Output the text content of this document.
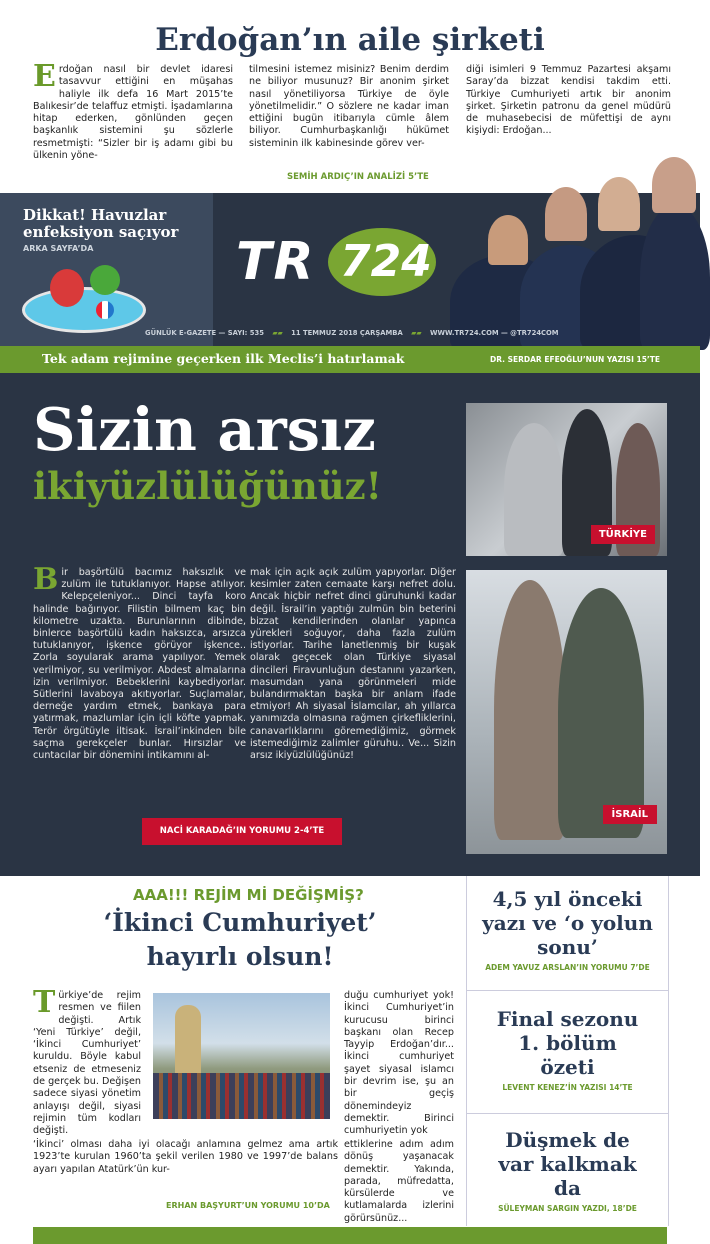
Erdoğan’ın aile şirketi
Erdoğan nasıl bir devlet idaresi tasavvur ettiğini en müşahas haliyle ilk defa 16 Mart 2015’te Balıkesir’de telaffuz etmişti. İşadamlarına hitap ederken, gönlünden geçen başkanlık sistemini şu sözlerle resmetmişti: “Sizler bir iş adamı gibi bu ülkenin yöne-
tilmesini istemez misiniz? Benim derdim ne biliyor musunuz? Bir anonim şirket nasıl yönetiliyorsa Türkiye de öyle yönetilmelidir.” O sözlere ne kadar iman ettiğini bugün itibarıyla cümle âlem biliyor. Cumhurbaşkanlığı hükümet sisteminin ilk kabinesinde görev ver-
diği isimleri 9 Temmuz Pazartesi akşamı Saray’da bizzat kendisi takdim etti. Türkiye Cumhuriyeti artık bir anonim şirket. Şirketin patronu da genel müdürü de muhasebecisi de müfettişi de aynı kişiydi: Erdoğan...
SEMİH ARDIÇ’IN ANALİZİ 5’TE
Dikkat! Havuzlar enfeksiyon saçıyor
ARKA SAYFA’DA	TR 724
GÜNLÜK E-GAZETE — SAYI: 535 ▰▰ 11 TEMMUZ 2018 ÇARŞAMBA ▰▰ WWW.TR724.COM — @TR724COM
Tek adam rejimine geçerken ilk Meclis’i hatırlamak	DR. SERDAR EFEOĞLU’NUN YAZISI 15’TE
Sizin arsız
ikiyüzlülüğünüz!
Bir başörtülü bacımız haksızlık ve zulüm ile tutuklanıyor. Hapse atılıyor. Kelepçeleniyor... Dinci tayfa koro halinde bağırıyor. Filistin bilmem kaç bin kilometre uzakta. Burunlarının dibinde, binlerce başörtülü kadın haksızca, arsızca tutuklanıyor, işkence görüyor işkence.. Zorla soyularak arama yapılıyor. Yemek verilmiyor, su verilmiyor. Abdest almalarına izin verilmiyor. Bebeklerini kaybediyorlar. Sütlerini lavaboya akıtıyorlar. Suçlamalar, derneğe yardım etmek, bankaya para yatırmak, mazlumlar için içli köfte yapmak. Terör örgütüyle iltisak. İsrail’inkinden bile saçma gerekçeler bunlar. Hırsızlar ve cuntacılar bir dönemini intikamını al-
mak için açık açık zulüm yapıyorlar. Diğer kesimler zaten cemaate karşı nefret dolu. Ancak hiçbir nefret dinci güruhunki kadar değil. İsrail’in yaptığı zulmün bin beterini bizzat kendilerinden olanlar yapınca yürekleri soğuyor, daha fazla zulüm istiyorlar. Tarihe lanetlenmiş bir kuşak olarak geçecek olan Türkiye siyasal dincileri Firavunluğun destanını yazarken, masumdan yana görünmeleri mide bulandırmaktan başka bir anlam ifade etmiyor! Ah siyasal İslamcılar, ah yıllarca yanımızda olmasına rağmen çirkefliklerini, canavarlıklarını göremediğimiz, görmek istemediğimiz zalimler güruhu.. Ve... Sizin arsız ikiyüzlülüğünüz!
NACİ KARADAĞ’IN YORUMU 2-4’TE
TÜRKİYE
İSRAİL
AAA!!! REJİM Mİ DEĞİŞMİŞ?
‘İkinci Cumhuriyet’
hayırlı olsun!
Türkiye’de rejim resmen ve fiilen değişti. Artık ‘Yeni Türkiye’ değil, ‘İkinci Cumhuriyet’ kuruldu. Böyle kabul etseniz de etmeseniz de gerçek bu. Değişen sadece siyasi yönetim anlayışı değil, siyasi rejimin tüm kodları değişti.
‘İkinci’ olması daha iyi olacağı anlamına gelmez ama artık 1923’te kurulan 1960’ta şekil verilen 1980 ve 1997’de balans ayarı yapılan Atatürk’ün kur-
duğu cumhuriyet yok! İkinci Cumhuriyet’in kurucusu birinci başkanı olan Recep Tayyip Erdoğan’dır... İkinci cumhuriyet şayet siyasal islamcı bir devrim ise, şu an bir geçiş dönemindeyiz demektir. Birinci cumhuriyetin yok
ettiklerine adım adım dönüş yaşanacak demektir. Yakında, parada, müfredatta, kürsülerde ve kutlamalarda izlerini görürsünüz...
ERHAN BAŞYURT’UN YORUMU 10’DA
4,5 yıl önceki yazı ve ‘o yolun sonu’
ADEM YAVUZ ARSLAN’IN YORUMU 7’DE
Final sezonu 1. bölüm özeti
LEVENT KENEZ’İN YAZISI 14’TE
Düşmek de var kalkmak da
SÜLEYMAN SARGIN YAZDI, 18’DE
